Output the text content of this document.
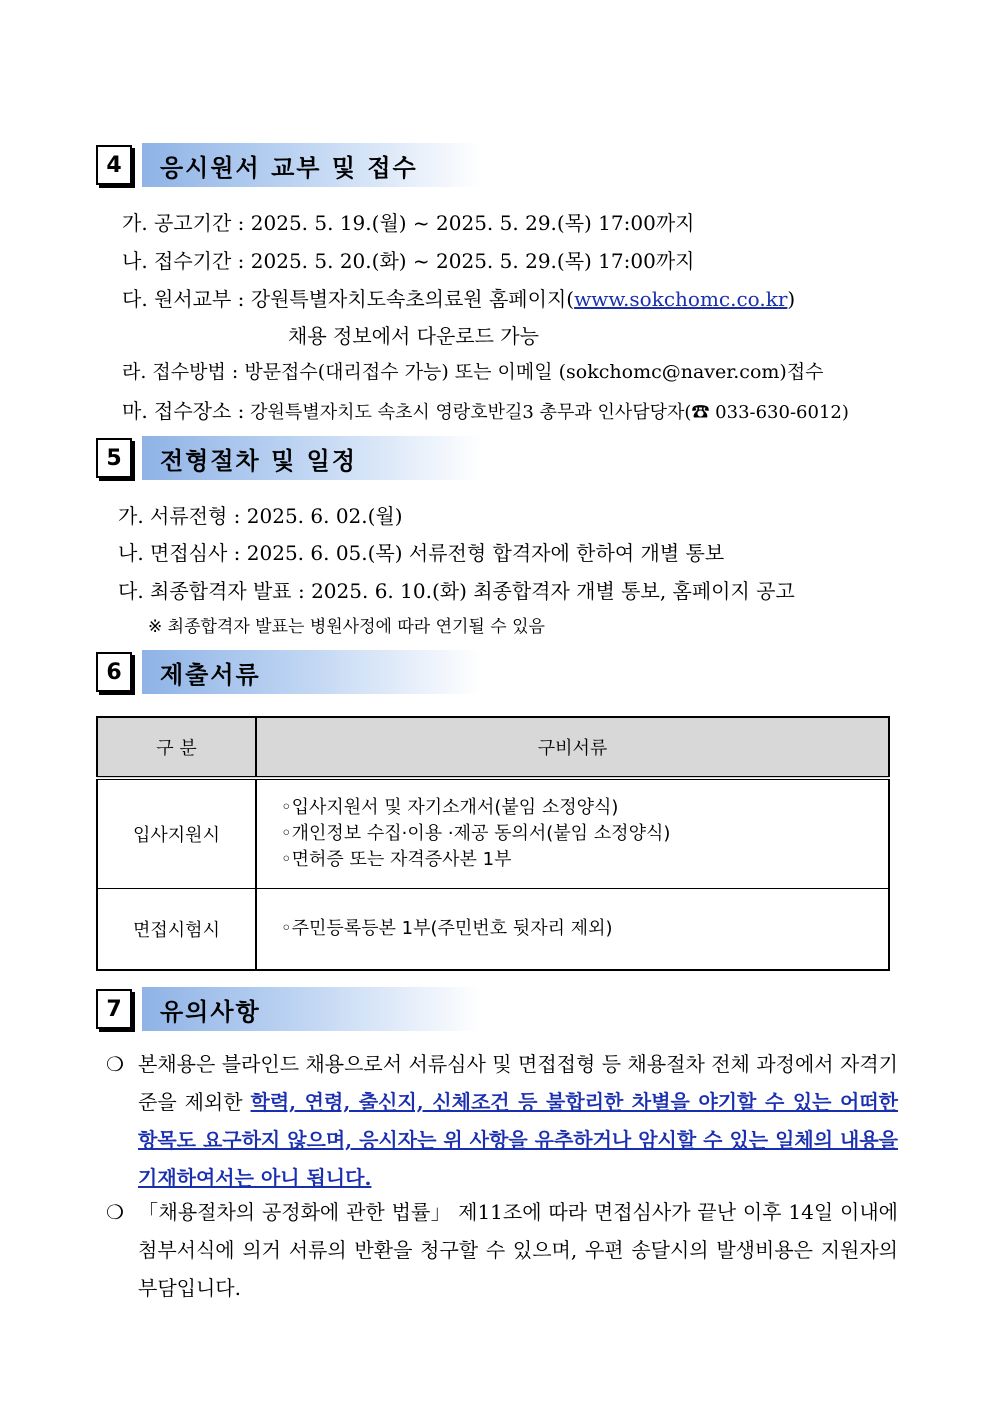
4	응시원서 교부 및 접수
가. 공고기간 : 2025. 5. 19.(월) ~ 2025. 5. 29.(목) 17:00까지
나. 접수기간 : 2025. 5. 20.(화) ~ 2025. 5. 29.(목) 17:00까지
다. 원서교부 : 강원특별자치도속초의료원 홈페이지(www.sokchomc.co.kr)
채용 정보에서 다운로드 가능
라. 접수방법 : 방문접수(대리접수 가능) 또는 이메일 (sokchomc@naver.com)접수
마. 접수장소 : 강원특별자치도 속초시 영랑호반길3 총무과 인사담당자(☎ 033-630-6012)
5	전형절차 및 일정
가. 서류전형 : 2025. 6. 02.(월)
나. 면접심사 : 2025. 6. 05.(목) 서류전형 합격자에 한하여 개별 통보
다. 최종합격자 발표 : 2025. 6. 10.(화) 최종합격자 개별 통보, 홈페이지 공고
※ 최종합격자 발표는 병원사정에 따라 연기될 수 있음
6	제출서류
구 분	구비서류
입사지원시	◦입사지원서 및 자기소개서(붙임 소정양식)
◦개인정보 수집·이용 ·제공 동의서(붙임 소정양식)
◦면허증 또는 자격증사본 1부

면접시험시	◦주민등록등본 1부(주민번호 뒷자리 제외)
7	유의사항
❍ 본채용은 블라인드 채용으로서 서류심사 및 면접접형 등 채용절차 전체 과정에서 자격기준을 제외한 학력, 연령, 출신지, 신체조건 등 불합리한 차별을 야기할 수 있는 어떠한 항목도 요구하지 않으며, 응시자는 위 사항을 유추하거나 암시할 수 있는 일체의 내용을 기재하여서는 아니 됩니다.
❍ 「채용절차의 공정화에 관한 법률」 제11조에 따라 면접심사가 끝난 이후 14일 이내에 첨부서식에 의거 서류의 반환을 청구할 수 있으며, 우편 송달시의 발생비용은 지원자의 부담입니다.
